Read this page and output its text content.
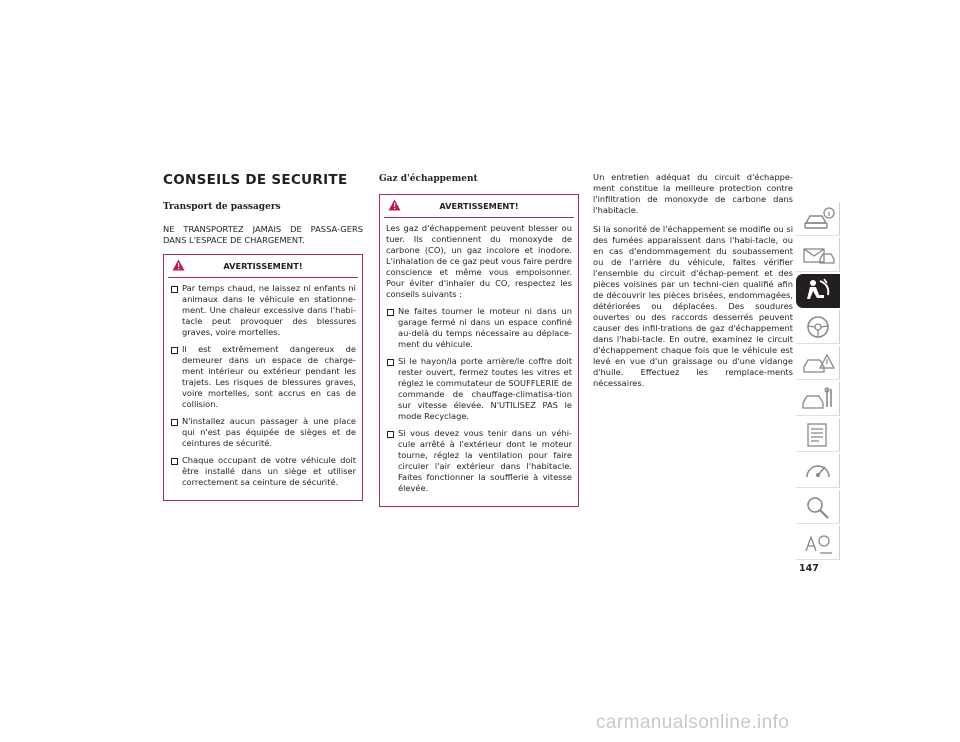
CONSEILS DE SECURITE
Transport de passagers

NE TRANSPORTEZ JAMAIS DE PASSA-GERS DANS L'ESPACE DE CHARGEMENT.

AVERTISSEMENT!
Par temps chaud, ne laissez ni enfants ni animaux dans le véhicule en stationne-ment. Une chaleur excessive dans l'habi-tacle peut provoquer des blessures graves, voire mortelles.
Il est extrêmement dangereux de demeurer dans un espace de charge-ment intérieur ou extérieur pendant les trajets. Les risques de blessures graves, voire mortelles, sont accrus en cas de collision.
N'installez aucun passager à une place qui n'est pas équipée de sièges et de ceintures de sécurité.
Chaque occupant de votre véhicule doit être installé dans un siège et utiliser correctement sa ceinture de sécurité.
Gaz d'échappement
AVERTISSEMENT!

Les gaz d'échappement peuvent blesser ou tuer. Ils contiennent du monoxyde de carbone (CO), un gaz incolore et inodore. L'inhalation de ce gaz peut vous faire perdre conscience et même vous empoisonner. Pour éviter d'inhaler du CO, respectez les conseils suivants :

Ne faites tourner le moteur ni dans un garage fermé ni dans un espace confiné au-delà du temps nécessaire au déplace-ment du véhicule.
Si le hayon/la porte arrière/le coffre doit rester ouvert, fermez toutes les vitres et réglez le commutateur de SOUFFLERIE de commande de chauffage-climatisa-tion sur vitesse élevée. N'UTILISEZ PAS le mode Recyclage.
Si vous devez vous tenir dans un véhi-cule arrêté à l'extérieur dont le moteur tourne, réglez la ventilation pour faire circuler l'air extérieur dans l'habitacle. Faites fonctionner la soufflerie à vitesse élevée.

Un entretien adéquat du circuit d'échappe-ment constitue la meilleure protection contre l'infiltration de monoxyde de carbone dans l'habitacle.

Si la sonorité de l'échappement se modifie ou si des fumées apparaissent dans l'habi-tacle, ou en cas d'endommagement du soubassement ou de l'arrière du véhicule, faites vérifier l'ensemble du circuit d'échap-pement et des pièces voisines par un techni-cien qualifié afin de découvrir les pièces brisées, endommagées, détériorées ou déplacées. Des soudures ouvertes ou des raccords desserrés peuvent causer des infil-trations de gaz d'échappement dans l'habi-tacle. En outre, examinez le circuit d'échappement chaque fois que le véhicule est levé en vue d'un graissage ou d'une vidange d'huile. Effectuez les remplace-ments nécessaires.

147
carmanualsonline.info
